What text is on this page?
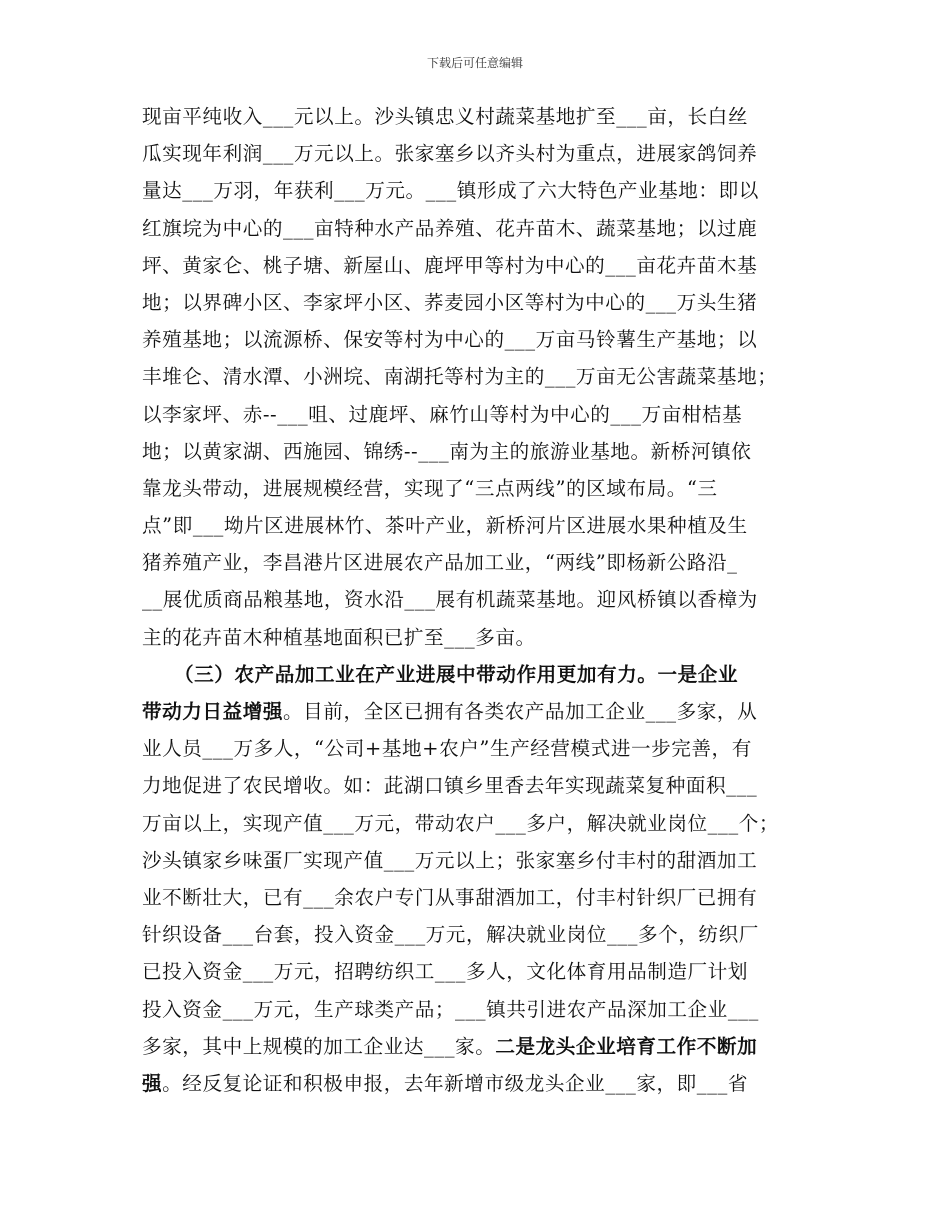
下载后可任意编辑
现亩平纯收入___元以上。沙头镇忠义村蔬菜基地扩至___亩，长白丝
瓜实现年利润___万元以上。张家塞乡以齐头村为重点，进展家鸽饲养
量达___万羽，年获利___万元。___镇形成了六大特色产业基地：即以
红旗垸为中心的___亩特种水产品养殖、花卉苗木、蔬菜基地；以过鹿
坪、黄家仑、桃子塘、新屋山、鹿坪甲等村为中心的___亩花卉苗木基
地；以界碑小区、李家坪小区、荞麦园小区等村为中心的___万头生猪
养殖基地；以流源桥、保安等村为中心的___万亩马铃薯生产基地；以
丰堆仑、清水潭、小洲垸、南湖托等村为主的___万亩无公害蔬菜基地；
以李家坪、赤--___咀、过鹿坪、麻竹山等村为中心的___万亩柑桔基
地；以黄家湖、西施园、锦绣--___南为主的旅游业基地。新桥河镇依
靠龙头带动，进展规模经营，实现了“三点两线”的区域布局。“三
点”即___坳片区进展林竹、茶叶产业，新桥河片区进展水果种植及生
猪养殖产业，李昌港片区进展农产品加工业，“两线”即杨新公路沿_
__展优质商品粮基地，资水沿___展有机蔬菜基地。迎风桥镇以香樟为
主的花卉苗木种植基地面积已扩至___多亩。
（三）农产品加工业在产业进展中带动作用更加有力。一是企业
带动力日益增强。目前，全区已拥有各类农产品加工企业___多家，从
业人员___万多人，“公司+基地+农户”生产经营模式进一步完善，有
力地促进了农民增收。如：茈湖口镇乡里香去年实现蔬菜复种面积___
万亩以上，实现产值___万元，带动农户___多户，解决就业岗位___个；
沙头镇家乡味蛋厂实现产值___万元以上；张家塞乡付丰村的甜酒加工
业不断壮大，已有___余农户专门从事甜酒加工，付丰村针织厂已拥有
针织设备___台套，投入资金___万元，解决就业岗位___多个，纺织厂
已投入资金___万元，招聘纺织工___多人，文化体育用品制造厂计划
投入资金___万元，生产球类产品；___镇共引进农产品深加工企业___
多家，其中上规模的加工企业达___家。二是龙头企业培育工作不断加
强。经反复论证和积极申报，去年新增市级龙头企业___家，即___省
